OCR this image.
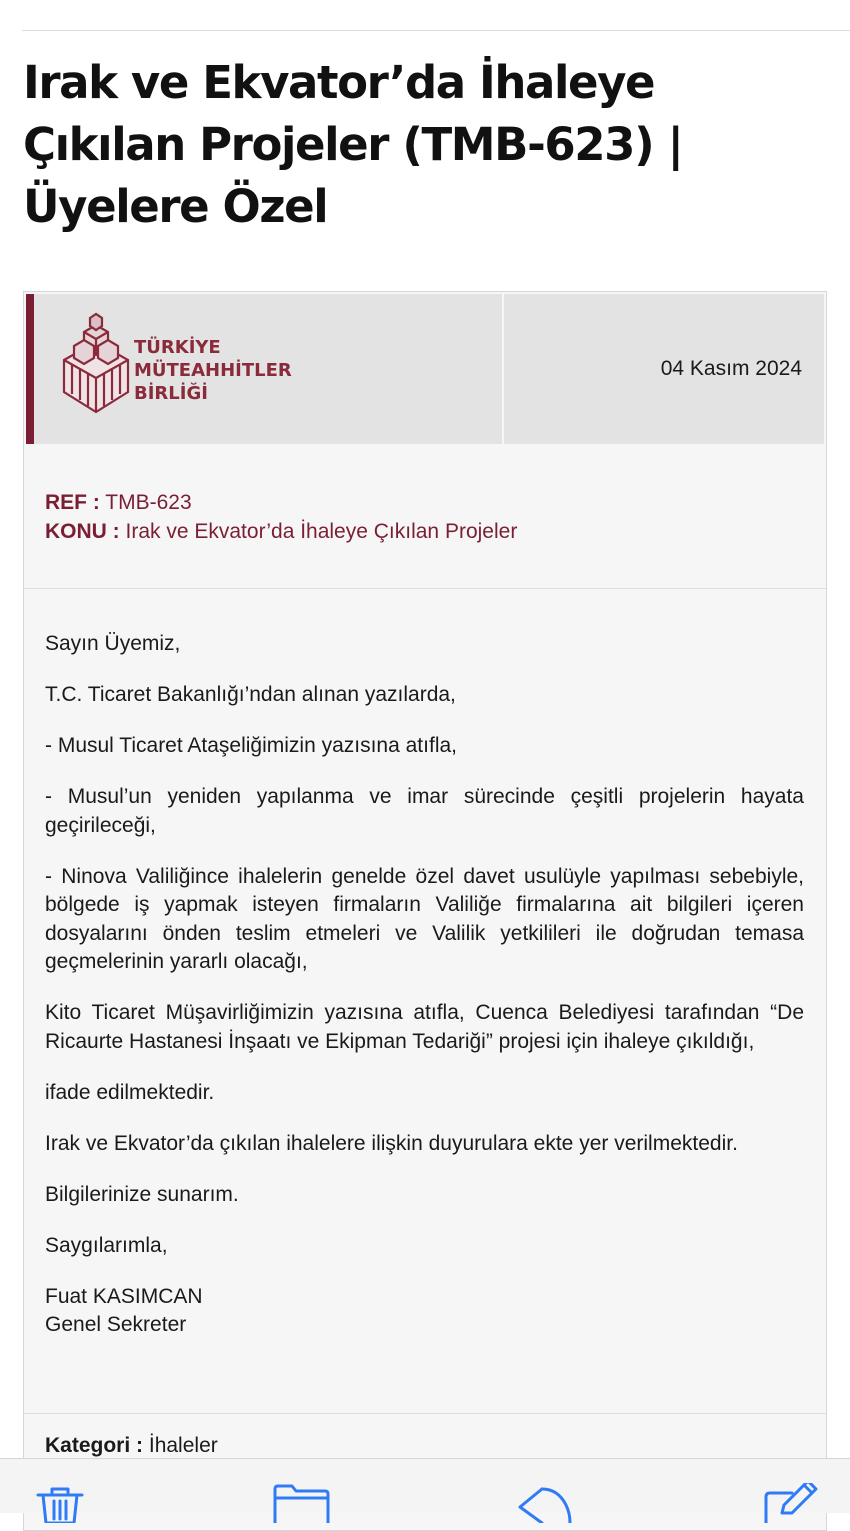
Irak ve Ekvator’da İhaleye Çıkılan Projeler (TMB-623) | Üyelere Özel
TÜRKİYE
MÜTEAHHİTLER
BİRLİĞİ
04 Kasım 2024
REF : TMB-623
KONU : Irak ve Ekvator’da İhaleye Çıkılan Projeler

Sayın Üyemiz,

T.C. Ticaret Bakanlığı’ndan alınan yazılarda,

- Musul Ticaret Ataşeliğimizin yazısına atıfla,

- Musul’un yeniden yapılanma ve imar sürecinde çeşitli projelerin hayata geçirileceği,

- Ninova Valiliğince ihalelerin genelde özel davet usulüyle yapılması sebebiyle, bölgede iş yapmak isteyen firmaların Valiliğe firmalarına ait bilgileri içeren dosyalarını önden teslim etmeleri ve Valilik yetkilileri ile doğrudan temasa geçmelerinin yararlı olacağı,

Kito Ticaret Müşavirliğimizin yazısına atıfla, Cuenca Belediyesi tarafından “De Ricaurte Hastanesi İnşaatı ve Ekipman Tedariği” projesi için ihaleye çıkıldığı,

ifade edilmektedir.

Irak ve Ekvator’da çıkılan ihalelere ilişkin duyurulara ekte yer verilmektedir.

Bilgilerinize sunarım.

Saygılarımla,

Fuat KASIMCAN

Genel Sekreter

Kategori : İhaleler
